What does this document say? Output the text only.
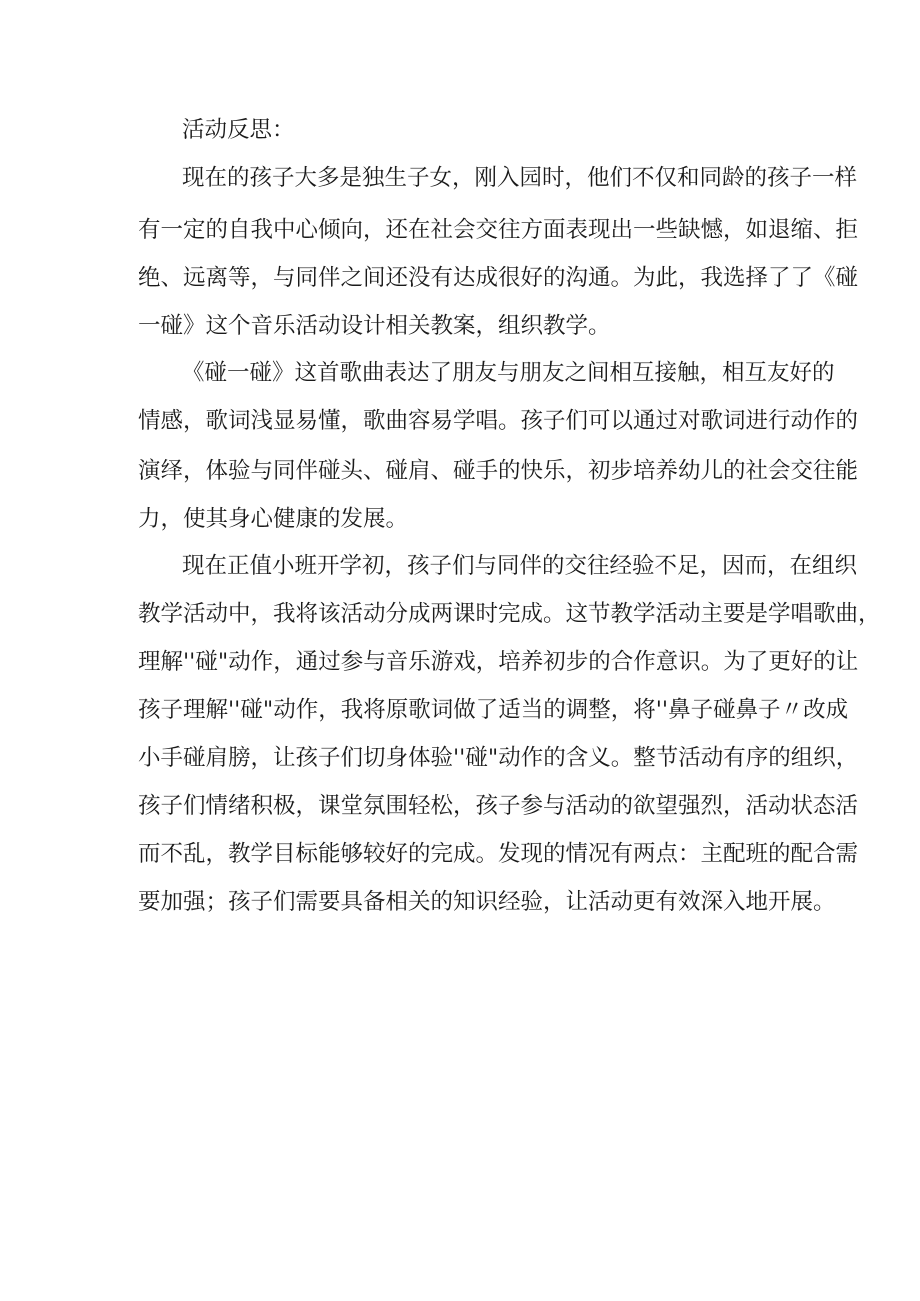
活动反思：

现在的孩子大多是独生子女，刚入园时，他们不仅和同龄的孩子一样

有一定的自我中心倾向，还在社会交往方面表现出一些缺憾，如退缩、拒

绝、远离等，与同伴之间还没有达成很好的沟通。为此，我选择了了《碰

一碰》这个音乐活动设计相关教案，组织教学。

《碰一碰》这首歌曲表达了朋友与朋友之间相互接触，相互友好的

情感，歌词浅显易懂，歌曲容易学唱。孩子们可以通过对歌词进行动作的

演绎，体验与同伴碰头、碰肩、碰手的快乐，初步培养幼儿的社会交往能

力，使其身心健康的发展。

现在正值小班开学初，孩子们与同伴的交往经验不足，因而，在组织

教学活动中，我将该活动分成两课时完成。这节教学活动主要是学唱歌曲，

理解''碰"动作，通过参与音乐游戏，培养初步的合作意识。为了更好的让

孩子理解''碰"动作，我将原歌词做了适当的调整，将''鼻子碰鼻子〃改成

小手碰肩膀，让孩子们切身体验''碰"动作的含义。整节活动有序的组织，

孩子们情绪积极，课堂氛围轻松，孩子参与活动的欲望强烈，活动状态活

而不乱，教学目标能够较好的完成。发现的情况有两点：主配班的配合需

要加强；孩子们需要具备相关的知识经验，让活动更有效深入地开展。
